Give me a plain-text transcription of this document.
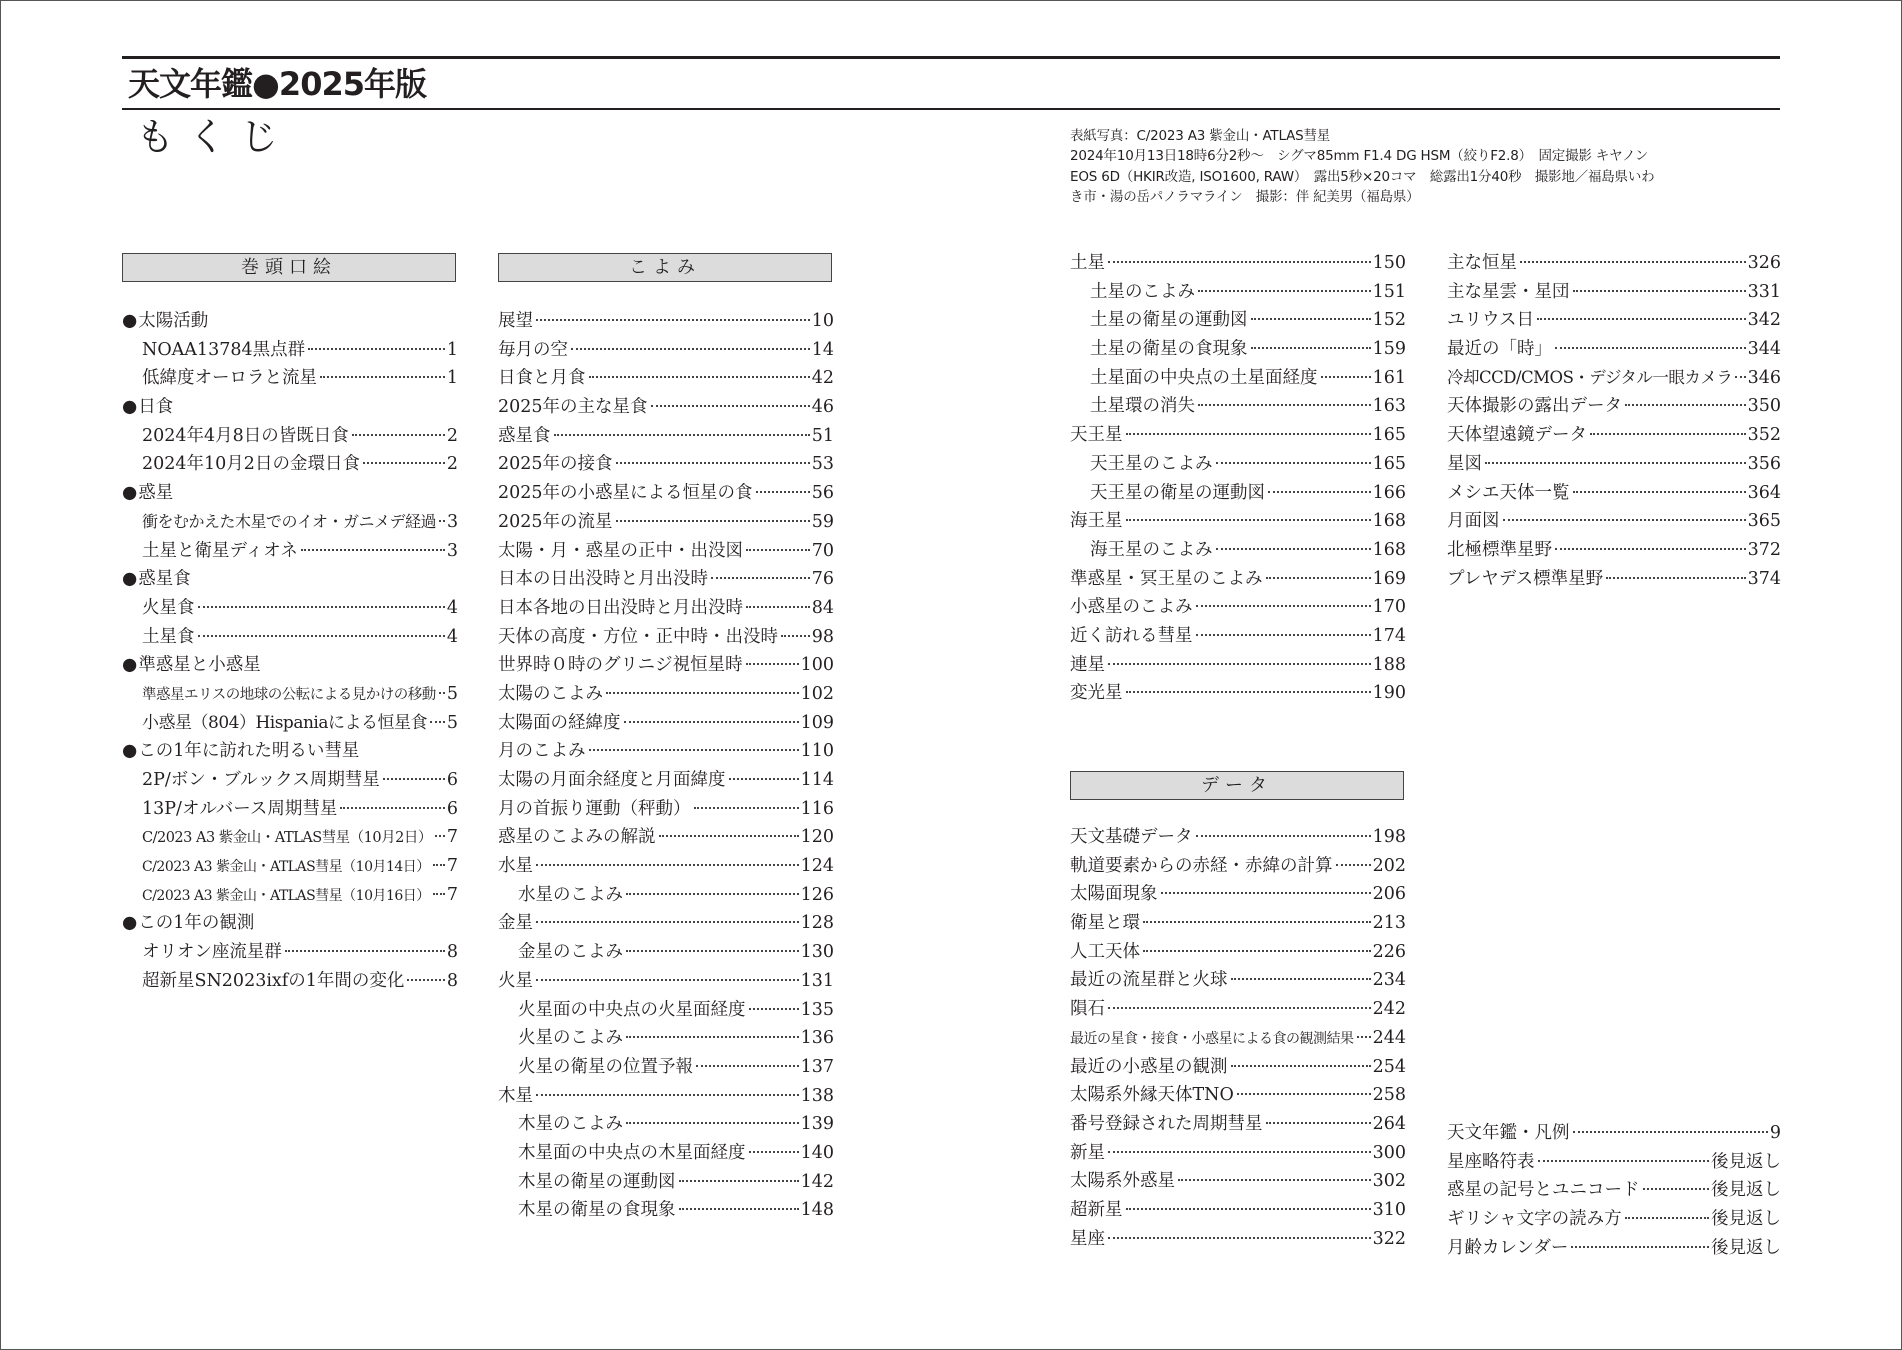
天文年鑑●2025年版
もくじ	表紙写真：C/2023 A3 紫金山・ATLAS彗星
2024年10月13日18時6分2秒～　シグマ85mm F1.4 DG HSM（絞りF2.8）　固定撮影 キヤノン
EOS 6D（HKIR改造, ISO1600, RAW）　露出5秒×20コマ　総露出1分40秒　撮影地／福島県いわ
き市・湯の岳パノラマライン　撮影：伴 紀美男（福島県）
巻頭口絵	こよみ
データ
● 太陽活動
NOAA13784黒点群	1
低緯度オーロラと流星	1
● 日食
2024年4月8日の皆既日食	2
2024年10月2日の金環日食	2
● 惑星
衝をむかえた木星でのイオ・ガニメデ経過 3
土星と衛星ディオネ	3
● 惑星食
火星食	4
土星食	4
● 準惑星と小惑星
準惑星エリスの地球の公転による見かけの移動 5
小惑星（804）Hispaniaによる恒星食 5
● この1年に訪れた明るい彗星
2P/ボン・ブルックス周期彗星	6
13P/オルバース周期彗星	6
C/2023 A3 紫金山・ATLAS彗星（10月2日） 7
C/2023 A3 紫金山・ATLAS彗星（10月14日） 7
C/2023 A3 紫金山・ATLAS彗星（10月16日） 7
● この1年の観測
オリオン座流星群	8
超新星SN2023ixfの1年間の変化 8
展望	10
毎月の空	14
日食と月食	42
2025年の主な星食	46
惑星食	51
2025年の接食	53
2025年の小惑星による恒星の食	56
2025年の流星	59
太陽・月・惑星の正中・出没図	70
日本の日出没時と月出没時	76
日本各地の日出没時と月出没時	84
天体の高度・方位・正中時・出没時 98
世界時０時のグリニジ視恒星時	100
太陽のこよみ	102
太陽面の経緯度	109
月のこよみ	110
太陽の月面余経度と月面緯度	114
月の首振り運動（秤動）	116
惑星のこよみの解説	120
水星	124
水星のこよみ	126
金星	128
金星のこよみ	130
火星	131
火星面の中央点の火星面経度	135
火星のこよみ	136
火星の衛星の位置予報	137
木星	138
木星のこよみ	139
木星面の中央点の木星面経度	140
木星の衛星の運動図	142
木星の衛星の食現象	148
土星	150
土星のこよみ	151
土星の衛星の運動図	152
土星の衛星の食現象	159
土星面の中央点の土星面経度	161
土星環の消失	163
天王星	165
天王星のこよみ	165
天王星の衛星の運動図	166
海王星	168
海王星のこよみ	168
準惑星・冥王星のこよみ	169
小惑星のこよみ	170
近く訪れる彗星	174
連星	188
変光星	190
天文基礎データ	198
軌道要素からの赤経・赤緯の計算 202
太陽面現象	206
衛星と環	213
人工天体	226
最近の流星群と火球	234
隕石	242
最近の星食・接食・小惑星による食の観測結果 244
最近の小惑星の観測	254
太陽系外縁天体TNO	258
番号登録された周期彗星	264
新星	300
太陽系外惑星	302
超新星	310
星座	322
主な恒星	326
主な星雲・星団	331
ユリウス日	342
最近の「時」	344
冷却CCD/CMOS・デジタル一眼カメラ 346
天体撮影の露出データ	350
天体望遠鏡データ	352
星図	356
メシエ天体一覧	364
月面図	365
北極標準星野	372
プレヤデス標準星野	374
天文年鑑・凡例	9
星座略符表	後見返し
惑星の記号とユニコード	後見返し
ギリシャ文字の読み方	後見返し
月齢カレンダー	後見返し
